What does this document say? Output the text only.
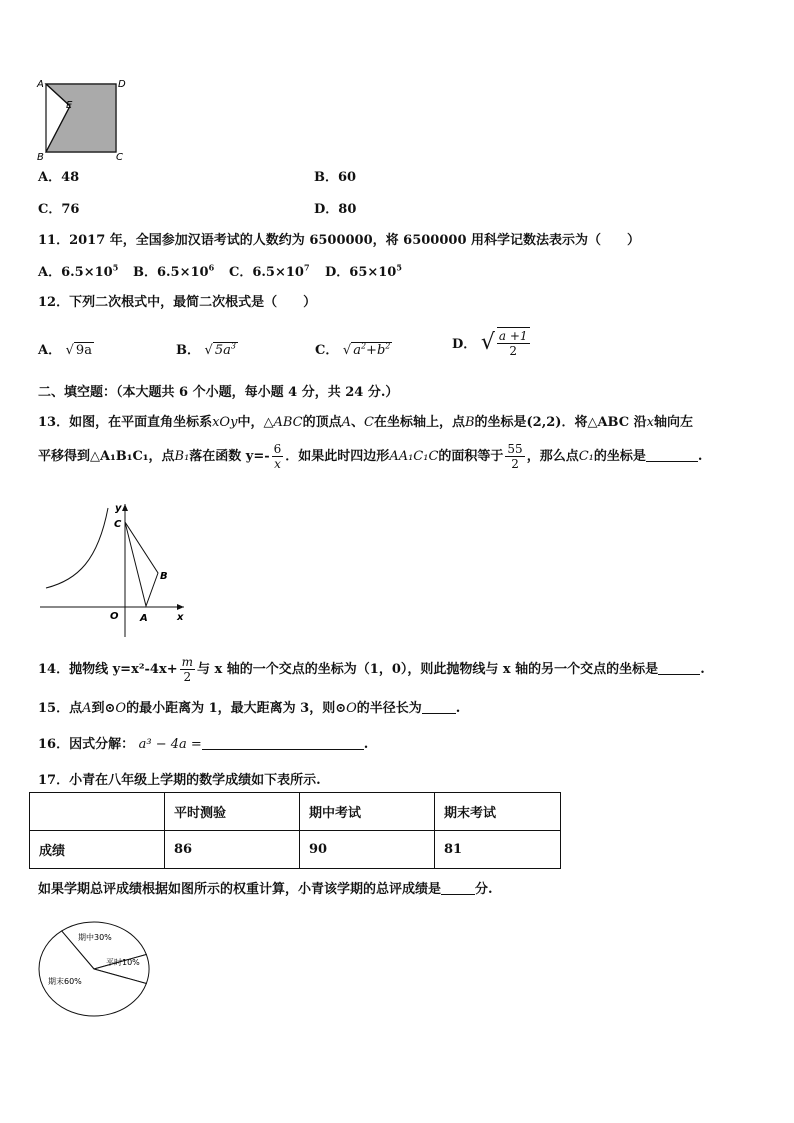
A	D
E
B	C
A．48	B．60
C．76	D．80
11．2017 年，全国参加汉语考试的人数约为 6500000，将 6500000 用科学记数法表示为（　　）
A．$6.5\times 10^5$ B．$6.5\times 10^6$ C．$6.5\times 10^7$ D．$65\times 10^5$
12．下列二次根式中，最简二次根式是（　　）
A． √ 9a	B． √ $5a^3$	C． √ $a^2+b^2$	D． √ $\frac{a +1}{2}$
二、填空题：（本大题共 6 个小题，每小题 4 分，共 24 分.）
13．如图，在平面直角坐标系xOy中，△ABC的顶点A、C在坐标轴上，点B的坐标是(2,2)．将△ABC 沿x轴向左
平移得到△A₁B₁C₁，点B₁落在函数 $y=- \frac{6}{x}$ ．如果此时四边形AA₁C₁C的面积等于 $\frac{55}{2}$ ，那么点C₁的坐标是	.
y
C
B
O A	x
14．抛物线 $y=x^2-4x+ \frac{m}{2}$ 与 x 轴的一个交点的坐标为（1，0），则此抛物线与 x 轴的另一个交点的坐标是	.
15．点A到⊙O的最小距离为 1，最大距离为 3，则⊙O的半径长为	.
16．因式分解： a³ − 4a =	.
17．小青在八年级上学期的数学成绩如下表所示.
	平时测验	期中考试	期末考试
成绩	86	90	81
如果学期总评成绩根据如图所示的权重计算，小青该学期的总评成绩是	分.
期中30%
平时10%
期末60%
